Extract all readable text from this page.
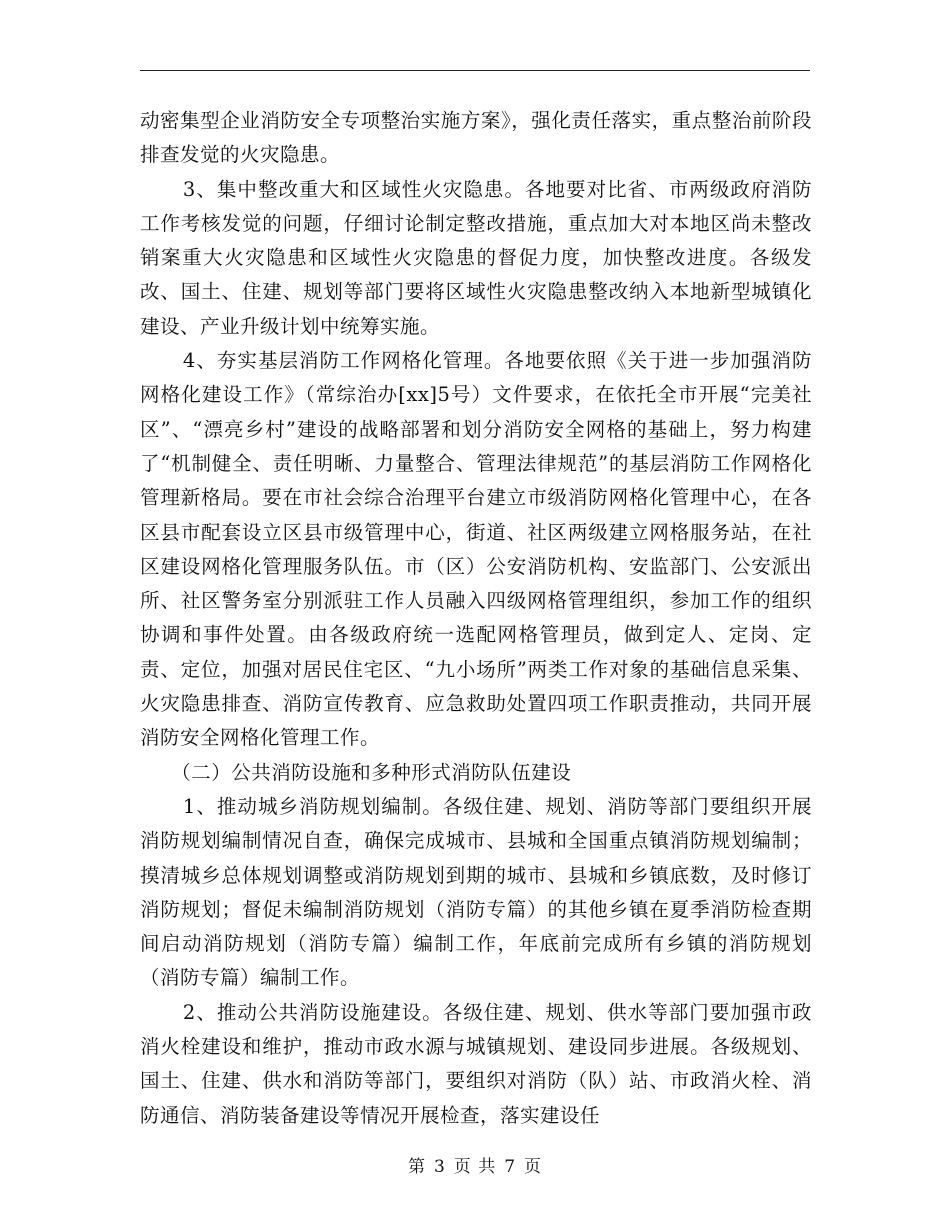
动密集型企业消防安全专项整治实施方案》，强化责任落实，重点整治前阶段排查发觉的火灾隐患。

3、集中整改重大和区域性火灾隐患。各地要对比省、市两级政府消防工作考核发觉的问题，仔细讨论制定整改措施，重点加大对本地区尚未整改销案重大火灾隐患和区域性火灾隐患的督促力度，加快整改进度。各级发改、国土、住建、规划等部门要将区域性火灾隐患整改纳入本地新型城镇化建设、产业升级计划中统筹实施。

4、夯实基层消防工作网格化管理。各地要依照《关于进一步加强消防网格化建设工作》（常综治办[xx]5号）文件要求，在依托全市开展“完美社区”、“漂亮乡村”建设的战略部署和划分消防安全网格的基础上，努力构建了“机制健全、责任明晰、力量整合、管理法律规范”的基层消防工作网格化管理新格局。要在市社会综合治理平台建立市级消防网格化管理中心，在各区县市配套设立区县市级管理中心，街道、社区两级建立网格服务站，在社区建设网格化管理服务队伍。市（区）公安消防机构、安监部门、公安派出所、社区警务室分别派驻工作人员融入四级网格管理组织，参加工作的组织协调和事件处置。由各级政府统一选配网格管理员，做到定人、定岗、定责、定位，加强对居民住宅区、“九小场所”两类工作对象的基础信息采集、火灾隐患排查、消防宣传教育、应急救助处置四项工作职责推动，共同开展消防安全网格化管理工作。

（二）公共消防设施和多种形式消防队伍建设

1、推动城乡消防规划编制。各级住建、规划、消防等部门要组织开展消防规划编制情况自查，确保完成城市、县城和全国重点镇消防规划编制；摸清城乡总体规划调整或消防规划到期的城市、县城和乡镇底数，及时修订消防规划；督促未编制消防规划（消防专篇）的其他乡镇在夏季消防检查期间启动消防规划（消防专篇）编制工作，年底前完成所有乡镇的消防规划（消防专篇）编制工作。

2、推动公共消防设施建设。各级住建、规划、供水等部门要加强市政消火栓建设和维护，推动市政水源与城镇规划、建设同步进展。各级规划、国土、住建、供水和消防等部门，要组织对消防（队）站、市政消火栓、消防通信、消防装备建设等情况开展检查，落实建设任

第 3 页 共 7 页
